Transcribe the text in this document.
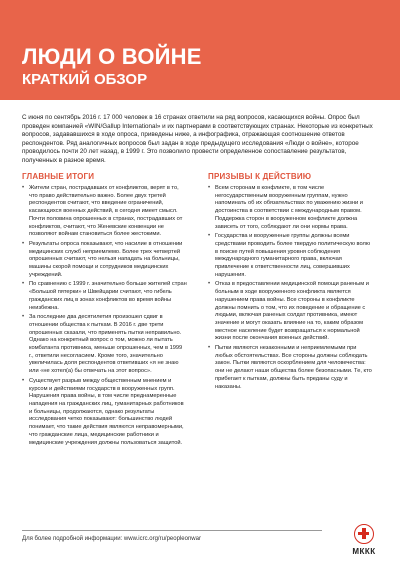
ЛЮДИ О ВОЙНЕ
КРАТКИЙ ОБЗОР

С июня по сентябрь 2016 г. 17 000 человек в 16 странах ответили на ряд вопросов, касающихся войны. Опрос был проведен компанией «WIN/Gallup International» и их партнерами в соответствующих странах. Некоторые из конкретных вопросов, задававшихся в ходе опроса, приведены ниже, а инфографика, отражающая соотношение ответов респондентов. Ряд аналогичных вопросов был задан в ходе предыдущего исследования «Люди о войне», которое проводилось почти 20 лет назад, в 1999 г. Это позволило провести определенное сопоставление результатов, полученных в разное время.

ГЛАВНЫЕ ИТОГИ
• Жители стран, пострадавших от конфликтов, верят в то, что право действительно важно. Более двух третей респондентов считают, что введение ограничений, касающихся военных действий, в сегодня имеет смысл. Почти половина опрошенных в странах, пострадавших от конфликтов, считают, что Женевские конвенции не позволяют войнам становиться более жестокими.
• Результаты опроса показывают, что насилие в отношении медицинских служб неприемлемо. Более трех четвертей опрошенных считают, что нельзя нападать на больницы, машины скорой помощи и сотрудников медицинских учреждений.
• По сравнению с 1999 г. значительно больше жителей стран «Большой пятерки» и Швейцарии считают, что гибель гражданских лиц в зонах конфликтов во время войны неизбежна.
• За последние два десятилетия произошел сдвиг в отношении общества к пыткам. В 2016 г. две трети опрошенных сказали, что применять пытки неправильно. Однако на конкретный вопрос о том, можно ли пытать комбатанта противника, меньше опрошенных, чем в 1999 г., ответили несогласием. Кроме того, значительно увеличилась доля респондентов ответивших «я не знаю или «не хотел(а) бы отвечать на этот вопрос».
• Существует разрыв между общественным мнением и курсом и действиями государств в вооруженных групп. Нарушения права войны, в том числе преднамеренные нападения на гражданских лиц, гуманитарных работников и больницы, продолжаются, однако результаты исследования четко показывают: большинство людей понимает, что такие действия являются неправомерными, что гражданские лица, медицинские работники и медицинские учреждения должны пользоваться защитой.
ПРИЗЫВЫ К ДЕЙСТВИЮ
• Всем сторонам в конфликте, в том числе негосударственным вооруженным группам, нужно напоминать об их обязательствах по уважению жизни и достоинства в соответствии с международным правом. Поддержка сторон в вооруженном конфликте должна зависеть от того, соблюдают ли они нормы права.
• Государства и вооруженные группы должны всеми средствами проводить более твердую политическую волю в поиске путей повышения уровня соблюдения международного гуманитарного права, включая привлечение к ответственности лиц, совершивших нарушения.
• Отказ в предоставлении медицинской помощи раненым и больным в ходе вооруженного конфликта является нарушением права войны. Все стороны в конфликте должны помнить о том, что их поведение и обращение с людьми, включая раненых солдат противника, имеют значение и могут оказать влияние на то, каким образом местное население будет возвращаться к нормальной жизни после окончания военных действий.
• Пытки являются незаконными и неприемлемыми при любых обстоятельствах. Все стороны должны соблюдать закон. Пытки являются оскорблением для человечества: они не делают наши общества более безопасными. Те, кто прибегает к пыткам, должны быть преданы суду и наказаны.
Для более подробной информации: www.icrc.org/ru/peopleonwar
МККК
